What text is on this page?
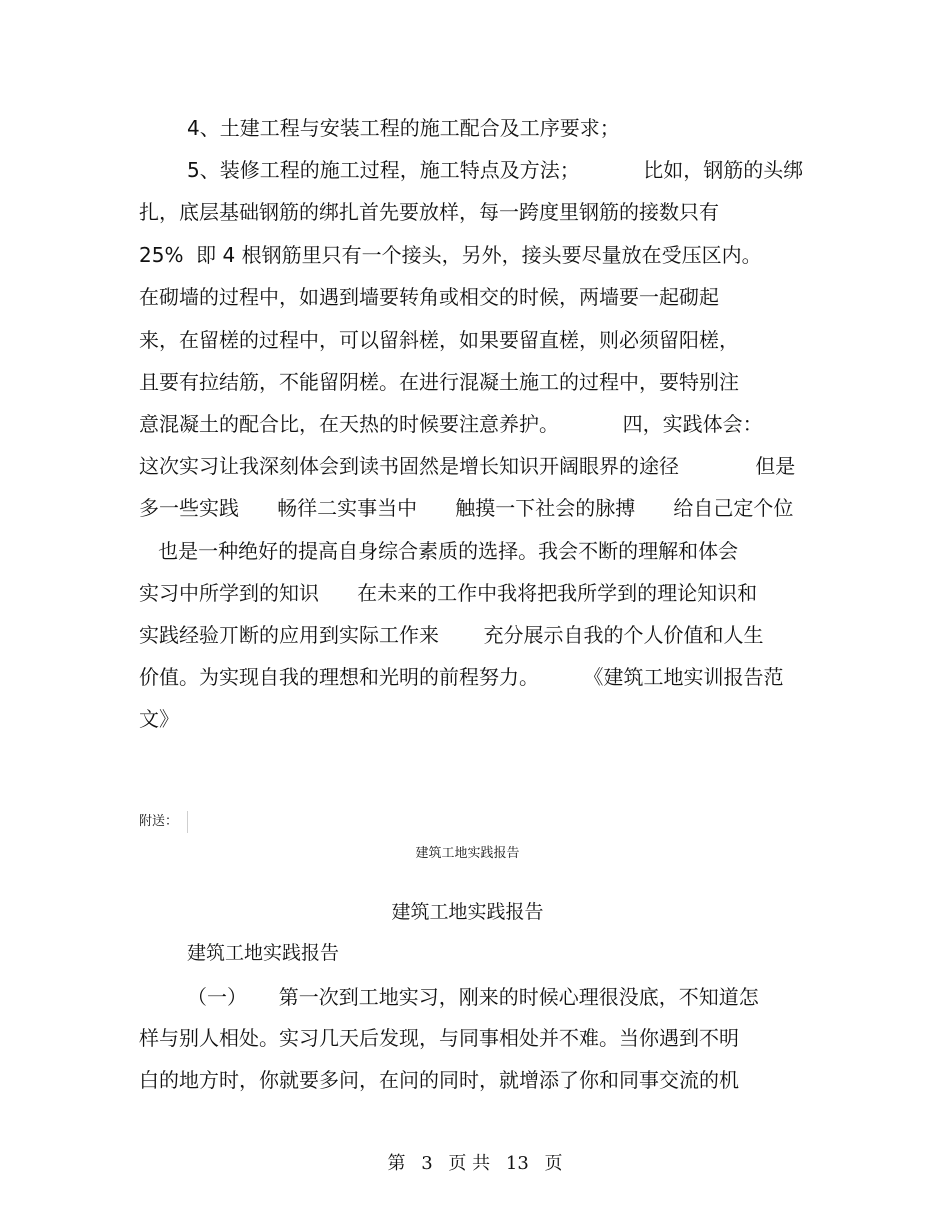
4、土建工程与安装工程的施工配合及工序要求；
5、装修工程的施工过程，施工特点及方法；          比如，钢筋的头绑
扎，底层基础钢筋的绑扎首先要放样，每一跨度里钢筋的接数只有
25%  即 4 根钢筋里只有一个接头，另外，接头要尽量放在受压区内。
在砌墙的过程中，如遇到墙要转角或相交的时候，两墙要一起砌起
来，在留槎的过程中，可以留斜槎，如果要留直槎，则必须留阳槎，
且要有拉结筋，不能留阴槎。在进行混凝土施工的过程中，要特别注
意混凝土的配合比，在天热的时候要注意养护。          四，实践体会：
这次实习让我深刻体会到读书固然是增长知识开阔眼界的途径            但是
多一些实践      畅徉二实事当中      触摸一下社会的脉搏      给自己定个位
也是一种绝好的提高自身综合素质的选择。我会不断的理解和体会
实习中所学到的知识      在未来的工作中我将把我所学到的理论知识和
实践经验丌断的应用到实际工作来       充分展示自我的个人价值和人生
价值。为实现自我的理想和光明的前程努力。       《建筑工地实训报告范
文》
附送：
建筑工地实践报告
建筑工地实践报告
建筑工地实践报告
（一）     第一次到工地实习，刚来的时候心理很没底，不知道怎
样与别人相处。实习几天后发现，与同事相处并不难。当你遇到不明
白的地方时，你就要多问，在问的同时，就增添了你和同事交流的机
第 3 页 共 13 页
